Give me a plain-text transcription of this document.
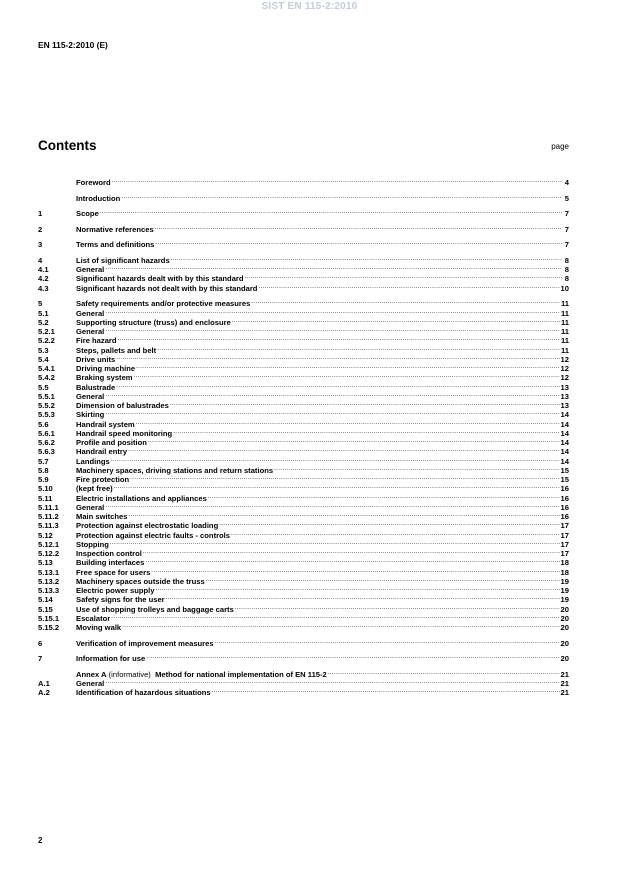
SIST EN 115-2:2010
EN 115-2:2010 (E)
Contents	page
Foreword .....	4
Introduction .....	5
1	Scope .....	7
2	Normative references .....	7
3	Terms and definitions .....	7
4	List of significant hazards .....	8
4.1	General .....	8
4.2	Significant hazards dealt with by this standard .....	8
4.3	Significant hazards not dealt with by this standard .....	10
5	Safety requirements and/or protective measures .....	11
5.1	General .....	11
5.2	Supporting structure (truss) and enclosure .....	11
5.2.1	General .....	11
5.2.2	Fire hazard .....	11
5.3	Steps, pallets and belt .....	11
5.4	Drive units .....	12
5.4.1	Driving machine .....	12
5.4.2	Braking system .....	12
5.5	Balustrade .....	13
5.5.1	General .....	13
5.5.2	Dimension of balustrades .....	13
5.5.3	Skirting .....	14
5.6	Handrail system .....	14
5.6.1	Handrail speed monitoring .....	14
5.6.2	Profile and position .....	14
5.6.3	Handrail entry .....	14
5.7	Landings .....	14
5.8	Machinery spaces, driving stations and return stations .....	15
5.9	Fire protection .....	15
5.10	(kept free) .....	16
5.11	Electric installations and appliances .....	16
5.11.1	General .....	16
5.11.2	Main switches .....	16
5.11.3	Protection against electrostatic loading .....	17
5.12	Protection against electric faults - controls .....	17
5.12.1	Stopping .....	17
5.12.2	Inspection control .....	17
5.13	Building interfaces .....	18
5.13.1	Free space for users .....	18
5.13.2	Machinery spaces outside the truss .....	19
5.13.3	Electric power supply .....	19
5.14	Safety signs for the user .....	19
5.15	Use of shopping trolleys and baggage carts .....	20
5.15.1	Escalator .....	20
5.15.2	Moving walk .....	20
6	Verification of improvement measures .....	20
7	Information for use .....	20
Annex A (informative)  Method for national implementation of EN 115-2 .....	21
A.1	General .....	21
A.2	Identification of hazardous situations .....	21
2
